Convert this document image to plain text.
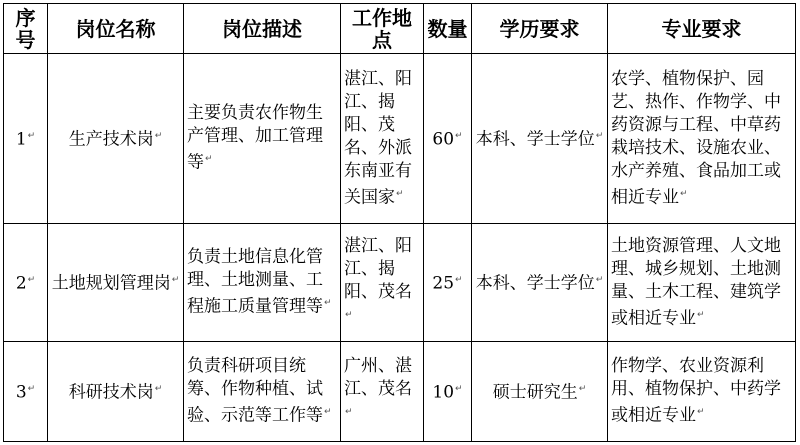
序号	岗位名称	岗位描述	工作地点	数量	学历要求	专业要求
1↵	生产技术岗↵	主要负责农作物生产管理、加工管理等↵	湛江、阳江、揭阳、茂名、外派东南亚有关国家↵	60↵	本科、学士学位↵	农学、植物保护、园艺、热作、作物学、中药资源与工程、中草药栽培技术、设施农业、水产养殖、食品加工或相近专业↵
2↵	土地规划管理岗↵	负责土地信息化管理、土地测量、工程施工质量管理等↵	湛江、阳江、揭阳、茂名↵	25↵	本科、学士学位↵	土地资源管理、人文地理、城乡规划、土地测量、土木工程、建筑学或相近专业↵
3↵	科研技术岗↵	负责科研项目统筹、作物种植、试验、示范等工作等↵	广州、湛江、茂名↵	10↵	硕士研究生↵	作物学、农业资源利用、植物保护、中药学或相近专业↵
